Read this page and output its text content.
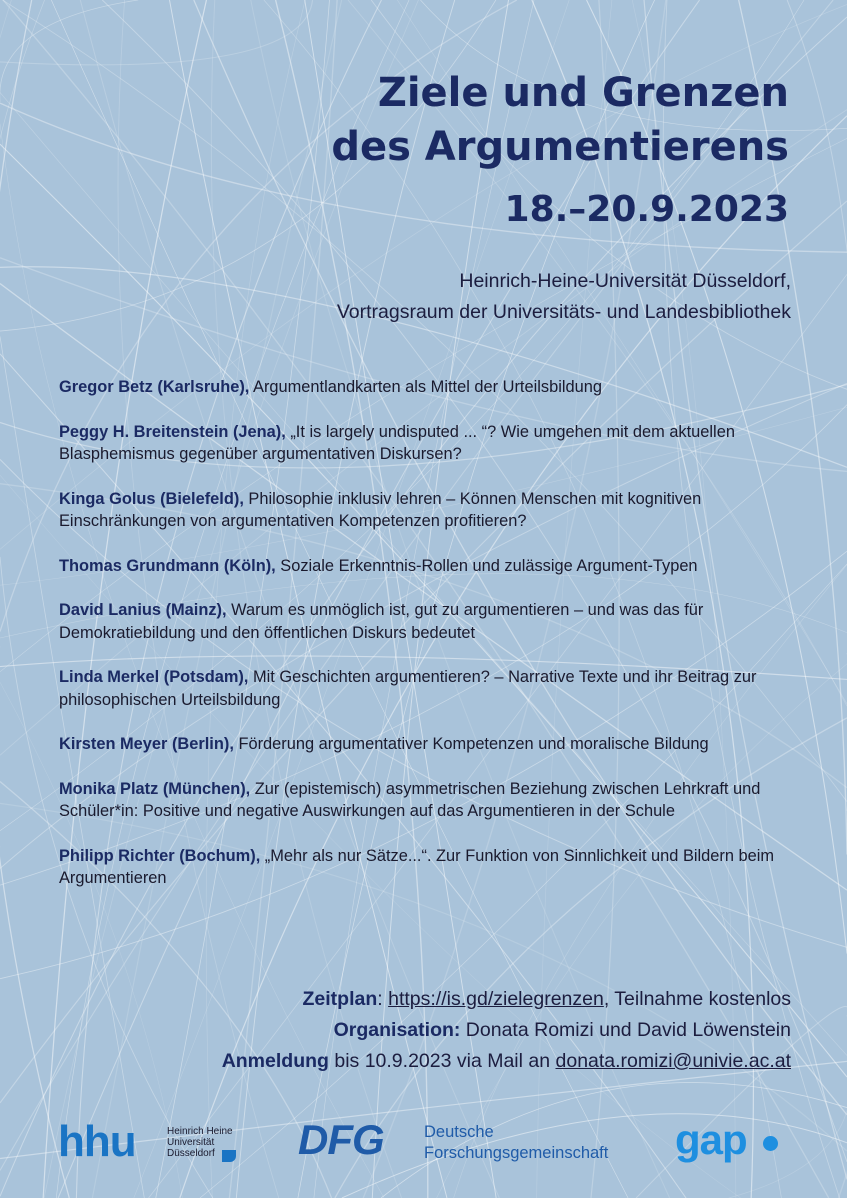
Ziele und Grenzen
des Argumentierens
18.–20.9.2023
Heinrich-Heine-Universität Düsseldorf,
Vortragsraum der Universitäts- und Landesbibliothek
Gregor Betz (Karlsruhe), Argumentlandkarten als Mittel der Urteilsbildung
Peggy H. Breitenstein (Jena), „It is largely undisputed ... “? Wie umgehen mit dem aktuellen Blasphemismus gegenüber argumentativen Diskursen?
Kinga Golus (Bielefeld), Philosophie inklusiv lehren – Können Menschen mit kognitiven Einschränkungen von argumentativen Kompetenzen profitieren?
Thomas Grundmann (Köln), Soziale Erkenntnis-Rollen und zulässige Argument-Typen
David Lanius (Mainz), Warum es unmöglich ist, gut zu argumentieren – und was das für Demokratiebildung und den öffentlichen Diskurs bedeutet
Linda Merkel (Potsdam), Mit Geschichten argumentieren? – Narrative Texte und ihr Beitrag zur philosophischen Urteilsbildung
Kirsten Meyer (Berlin), Förderung argumentativer Kompetenzen und moralische Bildung
Monika Platz (München), Zur (epistemisch) asymmetrischen Beziehung zwischen Lehrkraft und Schüler*in: Positive und negative Auswirkungen auf das Argumentieren in der Schule
Philipp Richter (Bochum), „Mehr als nur Sätze...“. Zur Funktion von Sinnlichkeit und Bildern beim Argumentieren
Zeitplan: https://is.gd/zielegrenzen, Teilnahme kostenlos
Organisation: Donata Romizi und David Löwenstein
Anmeldung bis 10.9.2023 via Mail an donata.romizi@univie.ac.at
hhu	Heinrich Heine
Universität
Düsseldorf	DFG Deutsche
Forschungsgemeinschaft gap
